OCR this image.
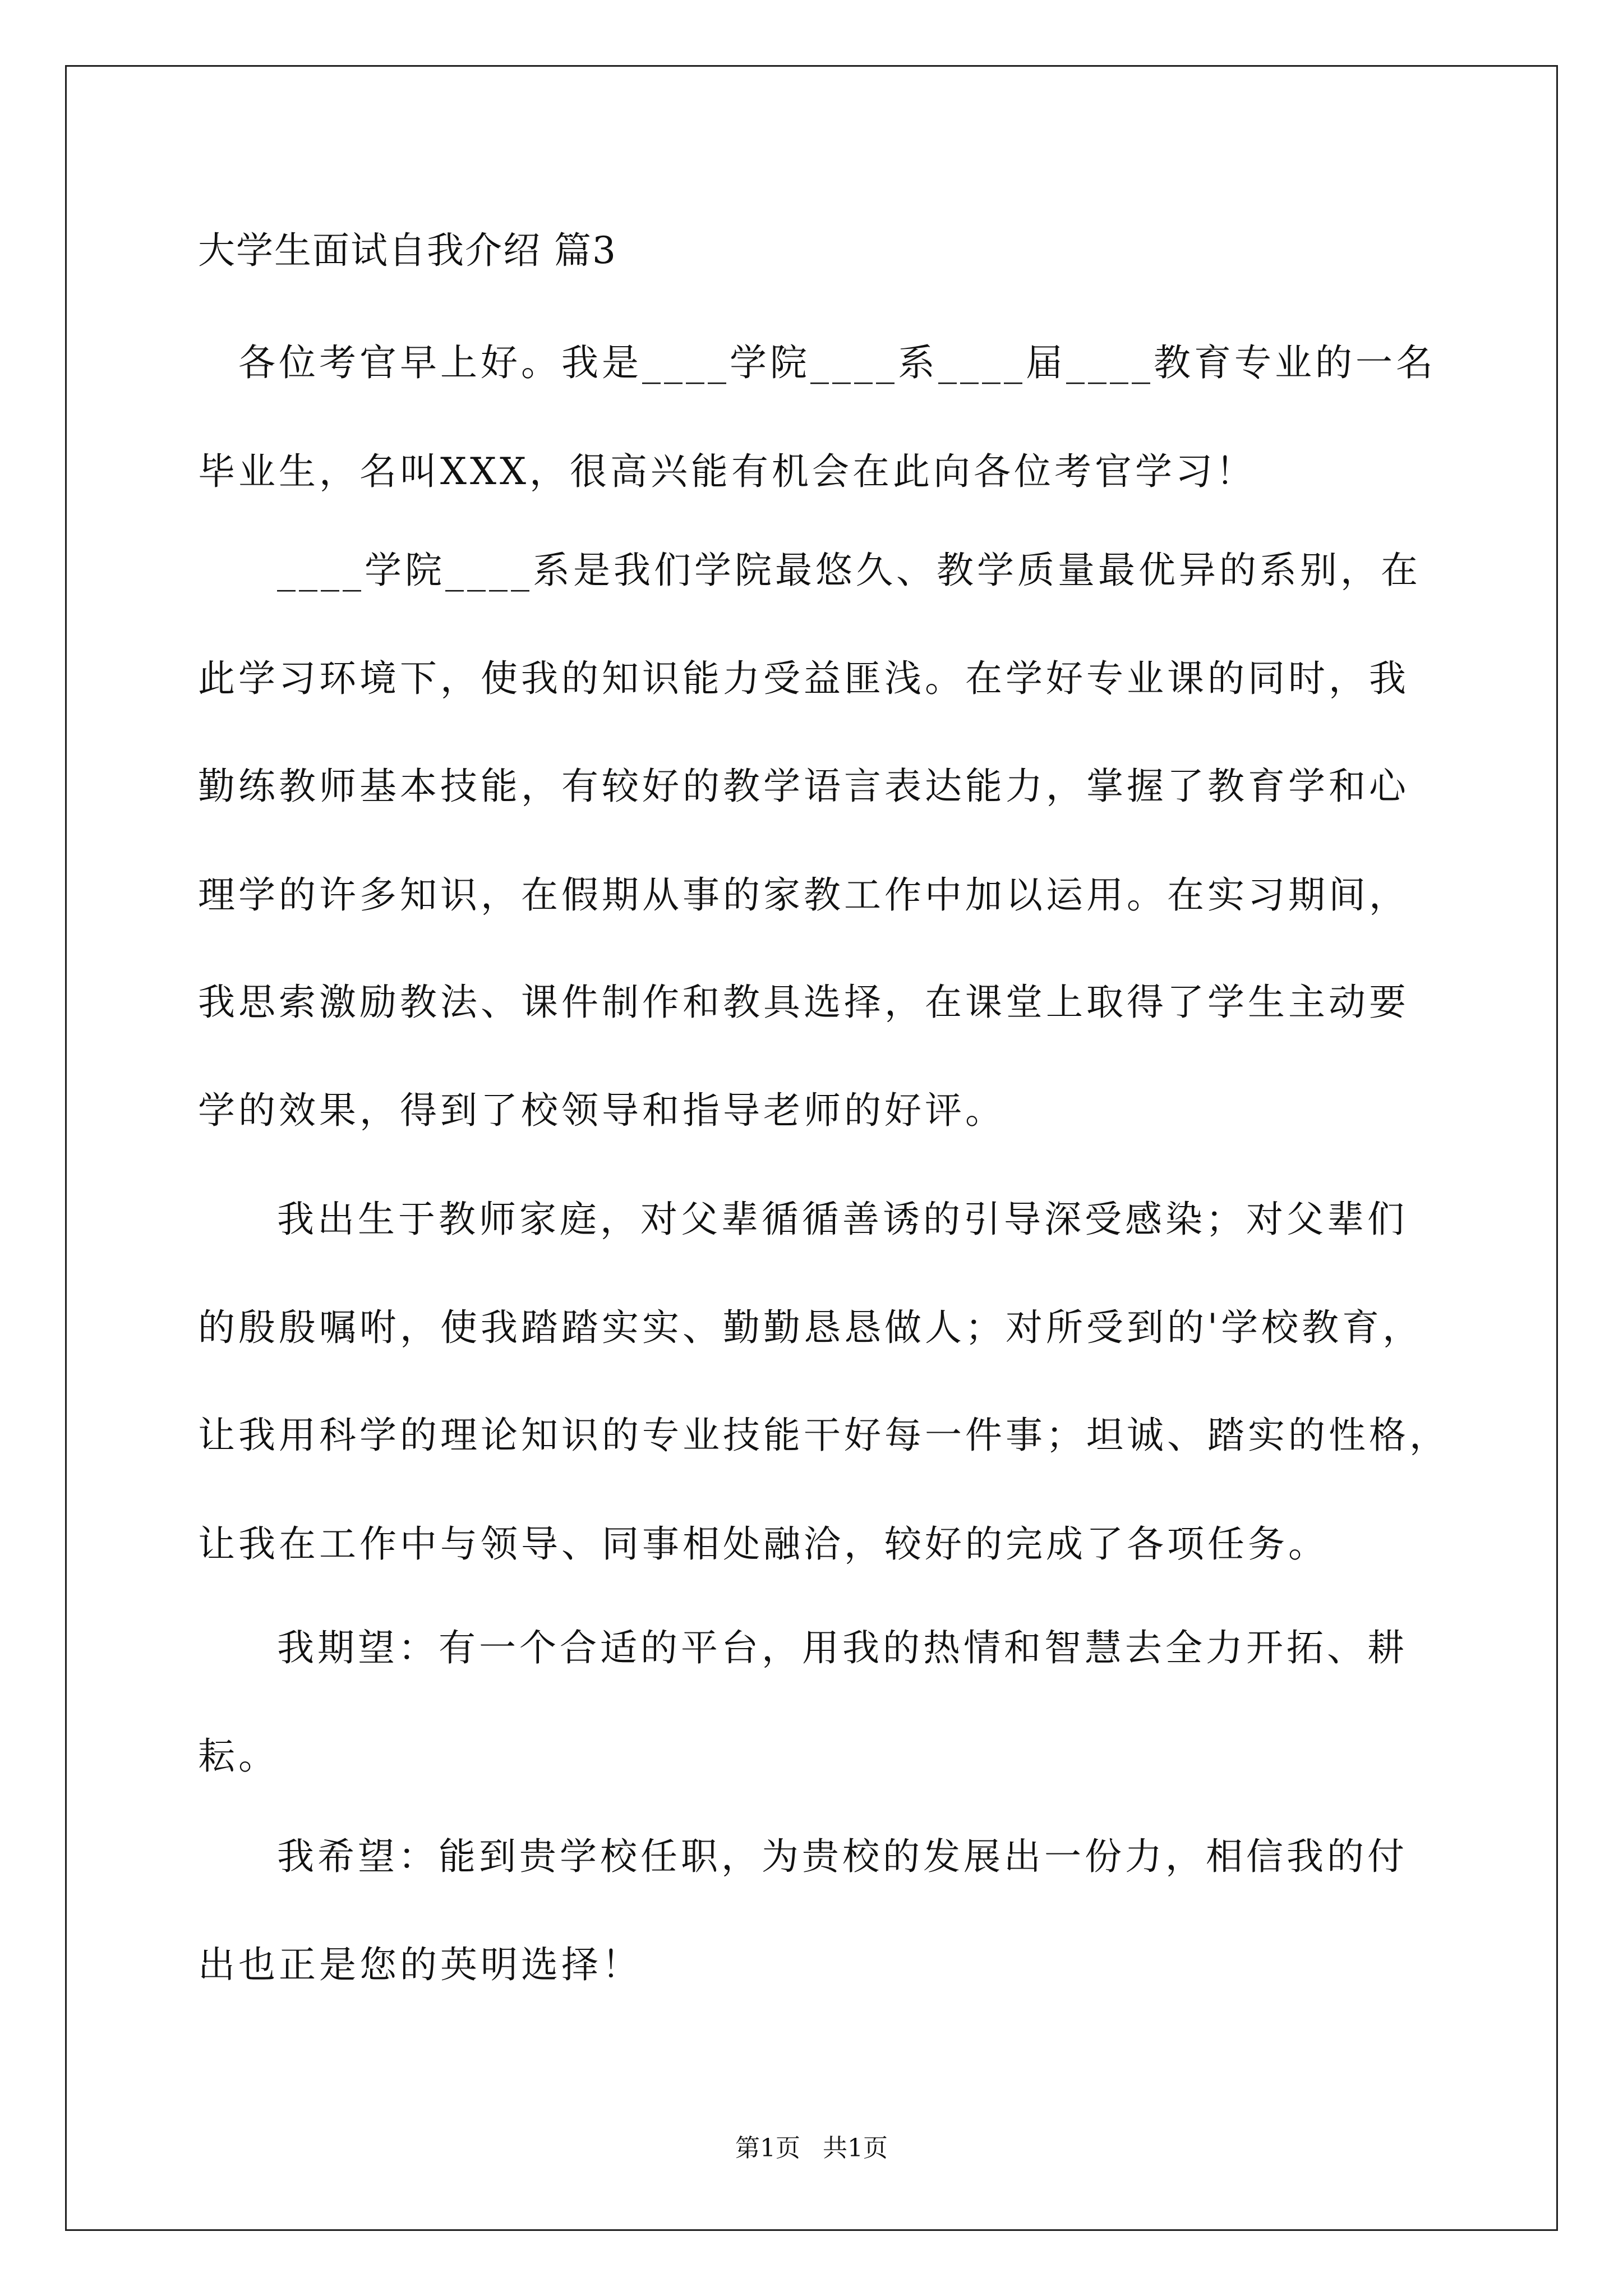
大学生面试自我介绍 篇3

各位考官早上好。我是____学院____系____届____教育专业的一名

毕业生，名叫XXX，很高兴能有机会在此向各位考官学习！

____学院____系是我们学院最悠久、教学质量最优异的系别，在

此学习环境下，使我的知识能力受益匪浅。在学好专业课的同时，我

勤练教师基本技能，有较好的教学语言表达能力，掌握了教育学和心

理学的许多知识，在假期从事的家教工作中加以运用。在实习期间，

我思索激励教法、课件制作和教具选择，在课堂上取得了学生主动要

学的效果，得到了校领导和指导老师的好评。

我出生于教师家庭，对父辈循循善诱的引导深受感染；对父辈们

的殷殷嘱咐，使我踏踏实实、勤勤恳恳做人；对所受到的'学校教育，

让我用科学的理论知识的专业技能干好每一件事；坦诚、踏实的性格，

让我在工作中与领导、同事相处融洽，较好的完成了各项任务。

我期望：有一个合适的平台，用我的热情和智慧去全力开拓、耕

耘。

我希望：能到贵学校任职，为贵校的发展出一份力，相信我的付

出也正是您的英明选择！

第1页 共1页
